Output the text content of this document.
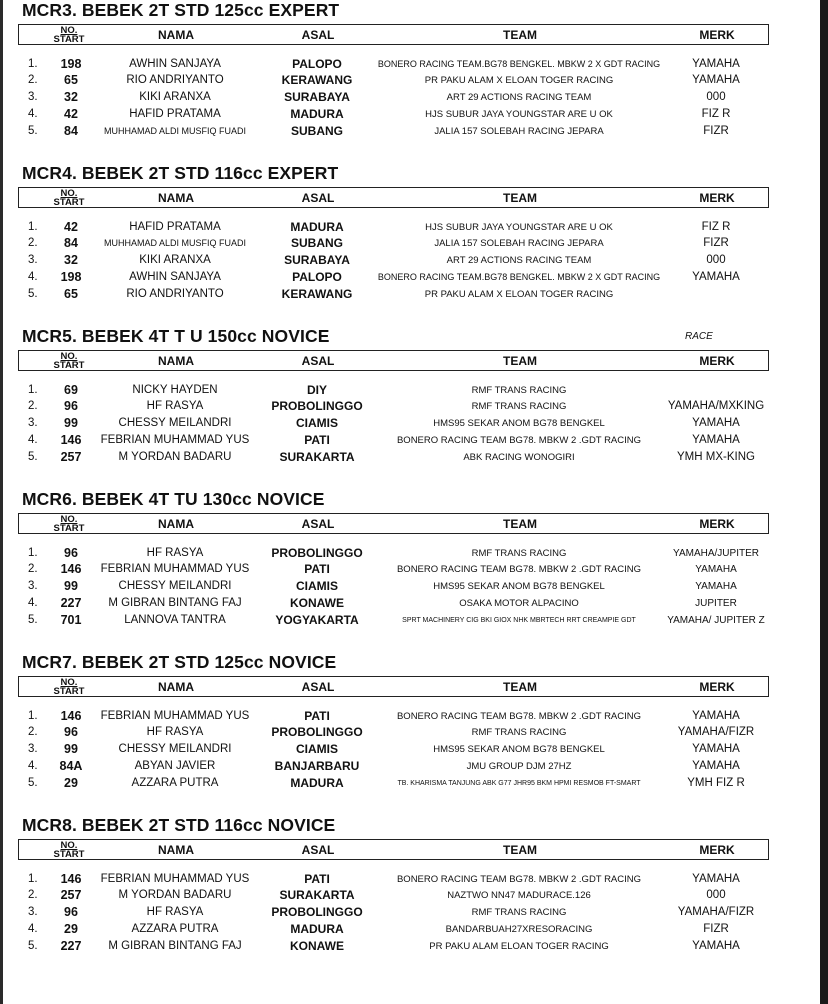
MCR3. BEBEK 2T STD 125cc EXPERT
NO.
START	NAMA	ASAL	TEAM	MERK
1.	198	AWHIN SANJAYA	PALOPO	BONERO RACING TEAM.BG78 BENGKEL. MBKW 2 X GDT RACING	YAMAHA
2.	65	RIO ANDRIYANTO	KERAWANG	PR PAKU ALAM X ELOAN TOGER RACING	YAMAHA
3.	32	KIKI ARANXA	SURABAYA	ART 29 ACTIONS RACING TEAM	000
4.	42	HAFID PRATAMA	MADURA	HJS SUBUR JAYA YOUNGSTAR ARE U OK	FIZ R
5.	84	MUHHAMAD ALDI MUSFIQ FUADI	SUBANG	JALIA 157 SOLEBAH RACING JEPARA	FIZR
MCR4. BEBEK 2T STD 116cc EXPERT
NO.
START	NAMA	ASAL	TEAM	MERK
1.	42	HAFID PRATAMA	MADURA	HJS SUBUR JAYA YOUNGSTAR ARE U OK	FIZ R
2.	84	MUHHAMAD ALDI MUSFIQ FUADI	SUBANG	JALIA 157 SOLEBAH RACING JEPARA	FIZR
3.	32	KIKI ARANXA	SURABAYA	ART 29 ACTIONS RACING TEAM	000
4.	198	AWHIN SANJAYA	PALOPO	BONERO RACING TEAM.BG78 BENGKEL. MBKW 2 X GDT RACING	YAMAHA
5.	65	RIO ANDRIYANTO	KERAWANG	PR PAKU ALAM X ELOAN TOGER RACING
MCR5. BEBEK 4T T U 150cc NOVICE	RACE
NO.
START	NAMA	ASAL	TEAM	MERK
1.	69	NICKY HAYDEN	DIY	RMF TRANS RACING
2.	96	HF RASYA	PROBOLINGGO	RMF TRANS RACING	YAMAHA/MXKING
3.	99	CHESSY MEILANDRI	CIAMIS	HMS95 SEKAR ANOM BG78 BENGKEL	YAMAHA
4.	146	FEBRIAN MUHAMMAD YUS	PATI	BONERO RACING TEAM BG78. MBKW 2 .GDT RACING	YAMAHA
5.	257	M YORDAN BADARU	SURAKARTA	ABK RACING WONOGIRI	YMH MX-KING
MCR6. BEBEK 4T TU 130cc NOVICE
NO.
START	NAMA	ASAL	TEAM	MERK
1.	96	HF RASYA	PROBOLINGGO	RMF TRANS RACING	YAMAHA/JUPITER
2.	146	FEBRIAN MUHAMMAD YUS	PATI	BONERO RACING TEAM BG78. MBKW 2 .GDT RACING	YAMAHA
3.	99	CHESSY MEILANDRI	CIAMIS	HMS95 SEKAR ANOM BG78 BENGKEL	YAMAHA
4.	227	M GIBRAN BINTANG FAJ	KONAWE	OSAKA MOTOR ALPACINO	JUPITER
5.	701	LANNOVA TANTRA	YOGYAKARTA	SPRT MACHINERY CIG BKI GIOX NHK MBRTECH RRT CREAMPIE GDT	YAMAHA/ JUPITER Z
MCR7. BEBEK 2T STD 125cc NOVICE
NO.
START	NAMA	ASAL	TEAM	MERK
1.	146	FEBRIAN MUHAMMAD YUS	PATI	BONERO RACING TEAM BG78. MBKW 2 .GDT RACING	YAMAHA
2.	96	HF RASYA	PROBOLINGGO	RMF TRANS RACING	YAMAHA/FIZR
3.	99	CHESSY MEILANDRI	CIAMIS	HMS95 SEKAR ANOM BG78 BENGKEL	YAMAHA
4.	84A	ABYAN JAVIER	BANJARBARU	JMU GROUP DJM 27HZ	YAMAHA
5.	29	AZZARA PUTRA	MADURA	TB. KHARISMA TANJUNG ABK G77 JHR95 BKM HPMI RESMOB FT-SMART	YMH FIZ R
MCR8. BEBEK 2T STD 116cc NOVICE
NO.
START	NAMA	ASAL	TEAM	MERK
1.	146	FEBRIAN MUHAMMAD YUS	PATI	BONERO RACING TEAM BG78. MBKW 2 .GDT RACING	YAMAHA
2.	257	M YORDAN BADARU	SURAKARTA	NAZTWO NN47 MADURACE.126	000
3.	96	HF RASYA	PROBOLINGGO	RMF TRANS RACING	YAMAHA/FIZR
4.	29	AZZARA PUTRA	MADURA	BANDARBUAH27XRESORACING	FIZR
5.	227	M GIBRAN BINTANG FAJ	KONAWE	PR PAKU ALAM ELOAN TOGER RACING	YAMAHA
